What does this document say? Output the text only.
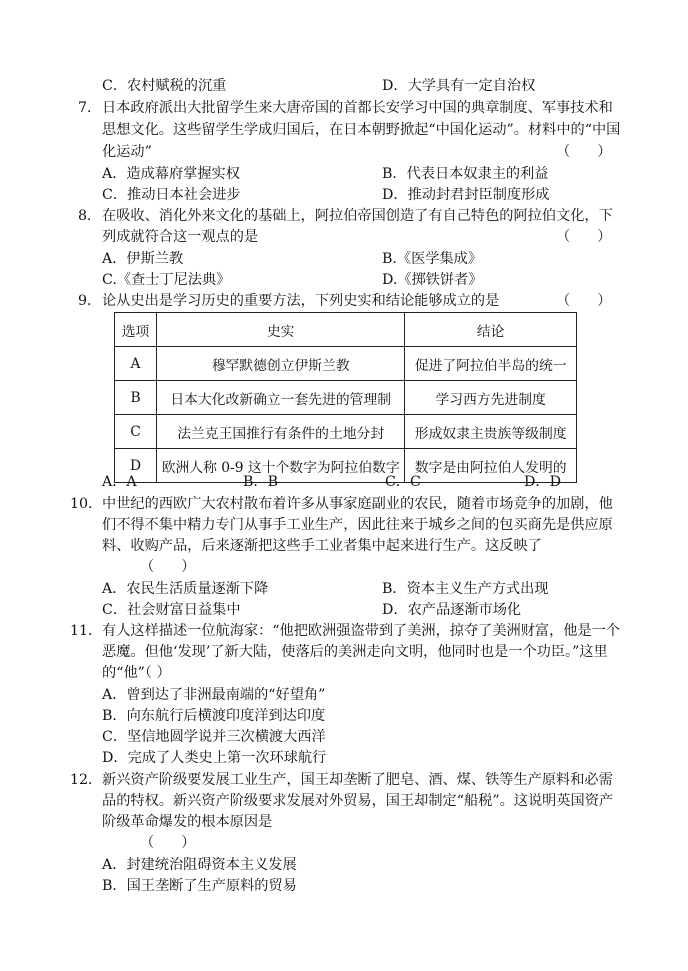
C．农村赋税的沉重	D．大学具有一定自治权
7． 日本政府派出大批留学生来大唐帝国的首都长安学习中国的典章制度、军事技术和
思想文化。这些留学生学成归国后，在日本朝野掀起“中国化运动”。材料中的“中国
化运动”	（      ）
A．造成幕府掌握实权	B．代表日本奴隶主的利益
C．推动日本社会进步	D．推动封君封臣制度形成
8． 在吸收、消化外来文化的基础上，阿拉伯帝国创造了有自己特色的阿拉伯文化，下
列成就符合这一观点的是	（      ）
A．伊斯兰教	B.《医学集成》
C.《查士丁尼法典》	D.《掷铁饼者》
9． 论从史出是学习历史的重要方法，下列史实和结论能够成立的是	（      ）
选项	史实	结论
A	穆罕默德创立伊斯兰教	促进了阿拉伯半岛的统一
B	日本大化改新确立一套先进的管理制	学习西方先进制度
C	法兰克王国推行有条件的土地分封	形成奴隶主贵族等级制度
D	欧洲人称 0-9 这十个数字为阿拉伯数字	数字是由阿拉伯人发明的
A．A	B．B	C．C	D．D
10． 中世纪的西欧广大农村散布着许多从事家庭副业的农民，随着市场竞争的加剧，他
们不得不集中精力专门从事手工业生产，因此往来于城乡之间的包买商先是供应原
料、收购产品，后来逐渐把这些手工业者集中起来进行生产。这反映了
（      ）
A．农民生活质量逐渐下降	B．资本主义生产方式出现
C．社会财富日益集中	D．农产品逐渐市场化
11． 有人这样描述一位航海家：“他把欧洲强盗带到了美洲，掠夺了美洲财富，他是一个
恶魔。但他‘发现’了新大陆，使落后的美洲走向文明，他同时也是一个功臣。”这里
的“他”（ ）
A．曾到达了非洲最南端的“好望角”
B．向东航行后横渡印度洋到达印度
C．坚信地圆学说并三次横渡大西洋
D．完成了人类史上第一次环球航行
12． 新兴资产阶级要发展工业生产，国王却垄断了肥皂、酒、煤、铁等生产原料和必需
品的特权。新兴资产阶级要求发展对外贸易，国王却制定“船税”。这说明英国资产
阶级革命爆发的根本原因是
（      ）
A．封建统治阻碍资本主义发展
B．国王垄断了生产原料的贸易
